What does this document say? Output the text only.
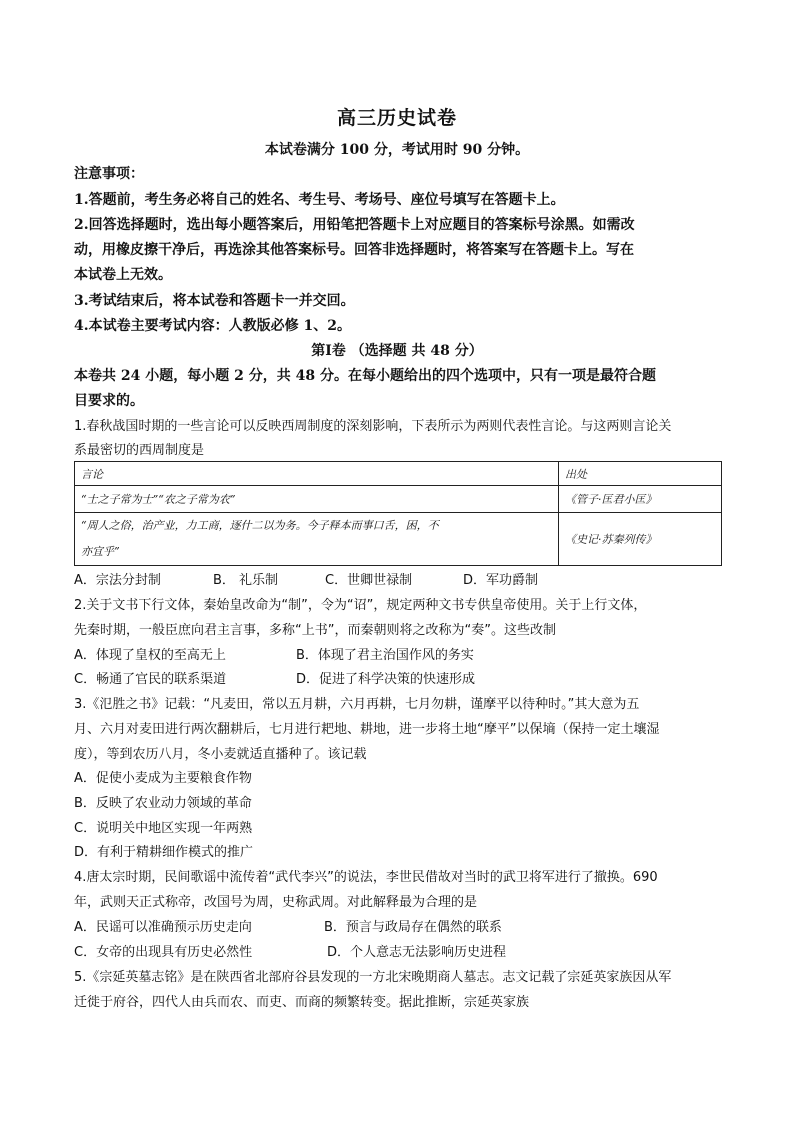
高三历史试卷
本试卷满分 100 分，考试用时 90 分钟。
注意事项：
1.答题前，考生务必将自己的姓名、考生号、考场号、座位号填写在答题卡上。
2.回答选择题时，选出每小题答案后，用铅笔把答题卡上对应题目的答案标号涂黑。如需改
动，用橡皮擦干净后，再选涂其他答案标号。回答非选择题时，将答案写在答题卡上。写在
本试卷上无效。
3.考试结束后，将本试卷和答题卡一并交回。
4.本试卷主要考试内容：人教版必修 1、2。
第Ⅰ卷 （选择题 共 48 分）
本卷共 24 小题，每小题 2 分，共 48 分。在每小题给出的四个选项中，只有一项是最符合题
目要求的。
1.春秋战国时期的一些言论可以反映西周制度的深刻影响，下表所示为两则代表性言论。与这两则言论关
系最密切的西周制度是
言论	出处
“士之子常为士”“农之子常为农”	《管子·匡君小匡》

“周人之俗，治产业，力工商，逐什二以为务。今子释本而事口舌，困，不
亦宜乎”	《史记·苏秦列传》
A．宗法分封制	B． 礼乐制	C．世卿世禄制	D．军功爵制
2.关于文书下行文体，秦始皇改命为“制”，令为“诏”，规定两种文书专供皇帝使用。关于上行文体，
先秦时期，一般臣庶向君主言事，多称“上书”，而秦朝则将之改称为“奏”。这些改制
A．体现了皇权的至高无上	B．体现了君主治国作风的务实
C．畅通了官民的联系渠道	D．促进了科学决策的快速形成
3.《氾胜之书》记载：“凡麦田，常以五月耕，六月再耕，七月勿耕，谨摩平以待种时。”其大意为五
月、六月对麦田进行两次翻耕后，七月进行耙地、耕地，进一步将土地“摩平”以保墒（保持一定土壤湿
度），等到农历八月，冬小麦就适直播种了。该记载
A．促使小麦成为主要粮食作物
B．反映了农业动力领域的革命
C．说明关中地区实现一年两熟
D．有利于精耕细作模式的推广
4.唐太宗时期，民间歌谣中流传着“武代李兴”的说法，李世民借故对当时的武卫将军进行了撤换。690
年，武则天正式称帝，改国号为周，史称武周。对此解释最为合理的是
A．民谣可以准确预示历史走向	B．预言与政局存在偶然的联系
C．女帝的出现具有历史必然性	D．个人意志无法影响历史进程
5.《宗延英墓志铭》是在陕西省北部府谷县发现的一方北宋晚期商人墓志。志文记载了宗延英家族因从军
迁徙于府谷，四代人由兵而农、而吏、而商的频繁转变。据此推断，宗延英家族
